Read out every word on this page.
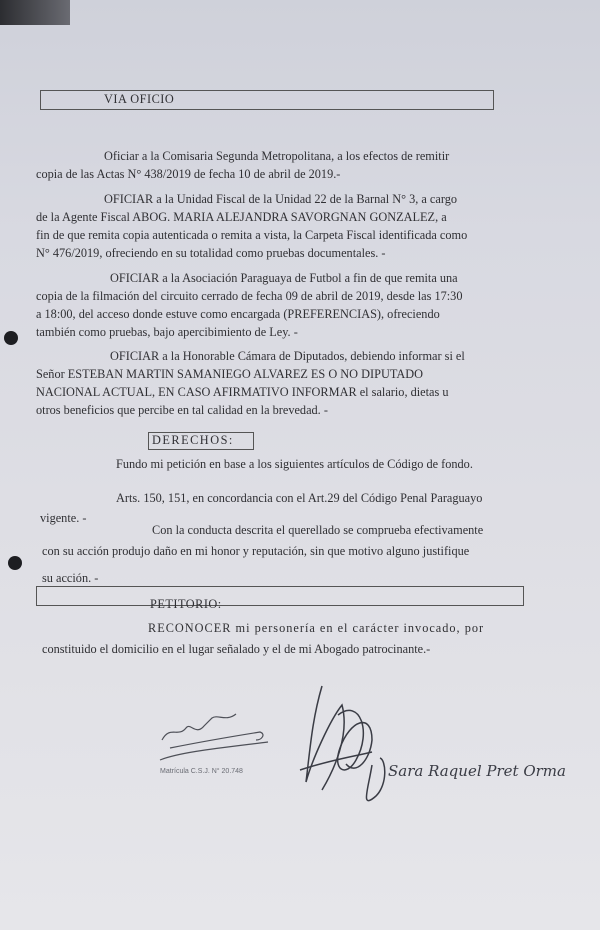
VIA OFICIO
Oficiar a la Comisaria Segunda Metropolitana, a los efectos de remitir
copia de las Actas N° 438/2019 de fecha 10 de abril de 2019.-
OFICIAR a la Unidad Fiscal de la Unidad 22 de la Barnal N° 3, a cargo
de la Agente Fiscal ABOG. MARIA ALEJANDRA SAVORGNAN GONZALEZ, a
fin de que remita copia autenticada o remita a vista, la Carpeta Fiscal identificada como
N° 476/2019, ofreciendo en su totalidad como pruebas documentales. -
OFICIAR a la Asociación Paraguaya de Futbol a fin de que remita una
copia de la filmación del circuito cerrado de fecha 09 de abril de 2019, desde las 17:30
a 18:00, del acceso donde estuve como encargada (PREFERENCIAS), ofreciendo
también como pruebas, bajo apercibimiento de Ley. -
OFICIAR a la Honorable Cámara de Diputados, debiendo informar si el
Señor ESTEBAN MARTIN SAMANIEGO ALVAREZ ES O NO DIPUTADO
NACIONAL ACTUAL, EN CASO AFIRMATIVO INFORMAR el salario, dietas u
otros beneficios que percibe en tal calidad en la brevedad. -
DERECHOS:
Fundo mi petición en base a los siguientes artículos de Código de fondo.
Arts. 150, 151, en concordancia con el Art.29 del Código Penal Paraguayo
vigente. -
Con la conducta descrita el querellado se comprueba efectivamente
con su acción produjo daño en mi honor y reputación, sin que motivo alguno justifique
su acción. -
PETITORIO:
RECONOCER mi personería en el carácter invocado, por
constituido el domicilio en el lugar señalado y el de mi Abogado patrocinante.-
Matrícula C.S.J. N° 20.748	Sara Raquel Pret Orma
